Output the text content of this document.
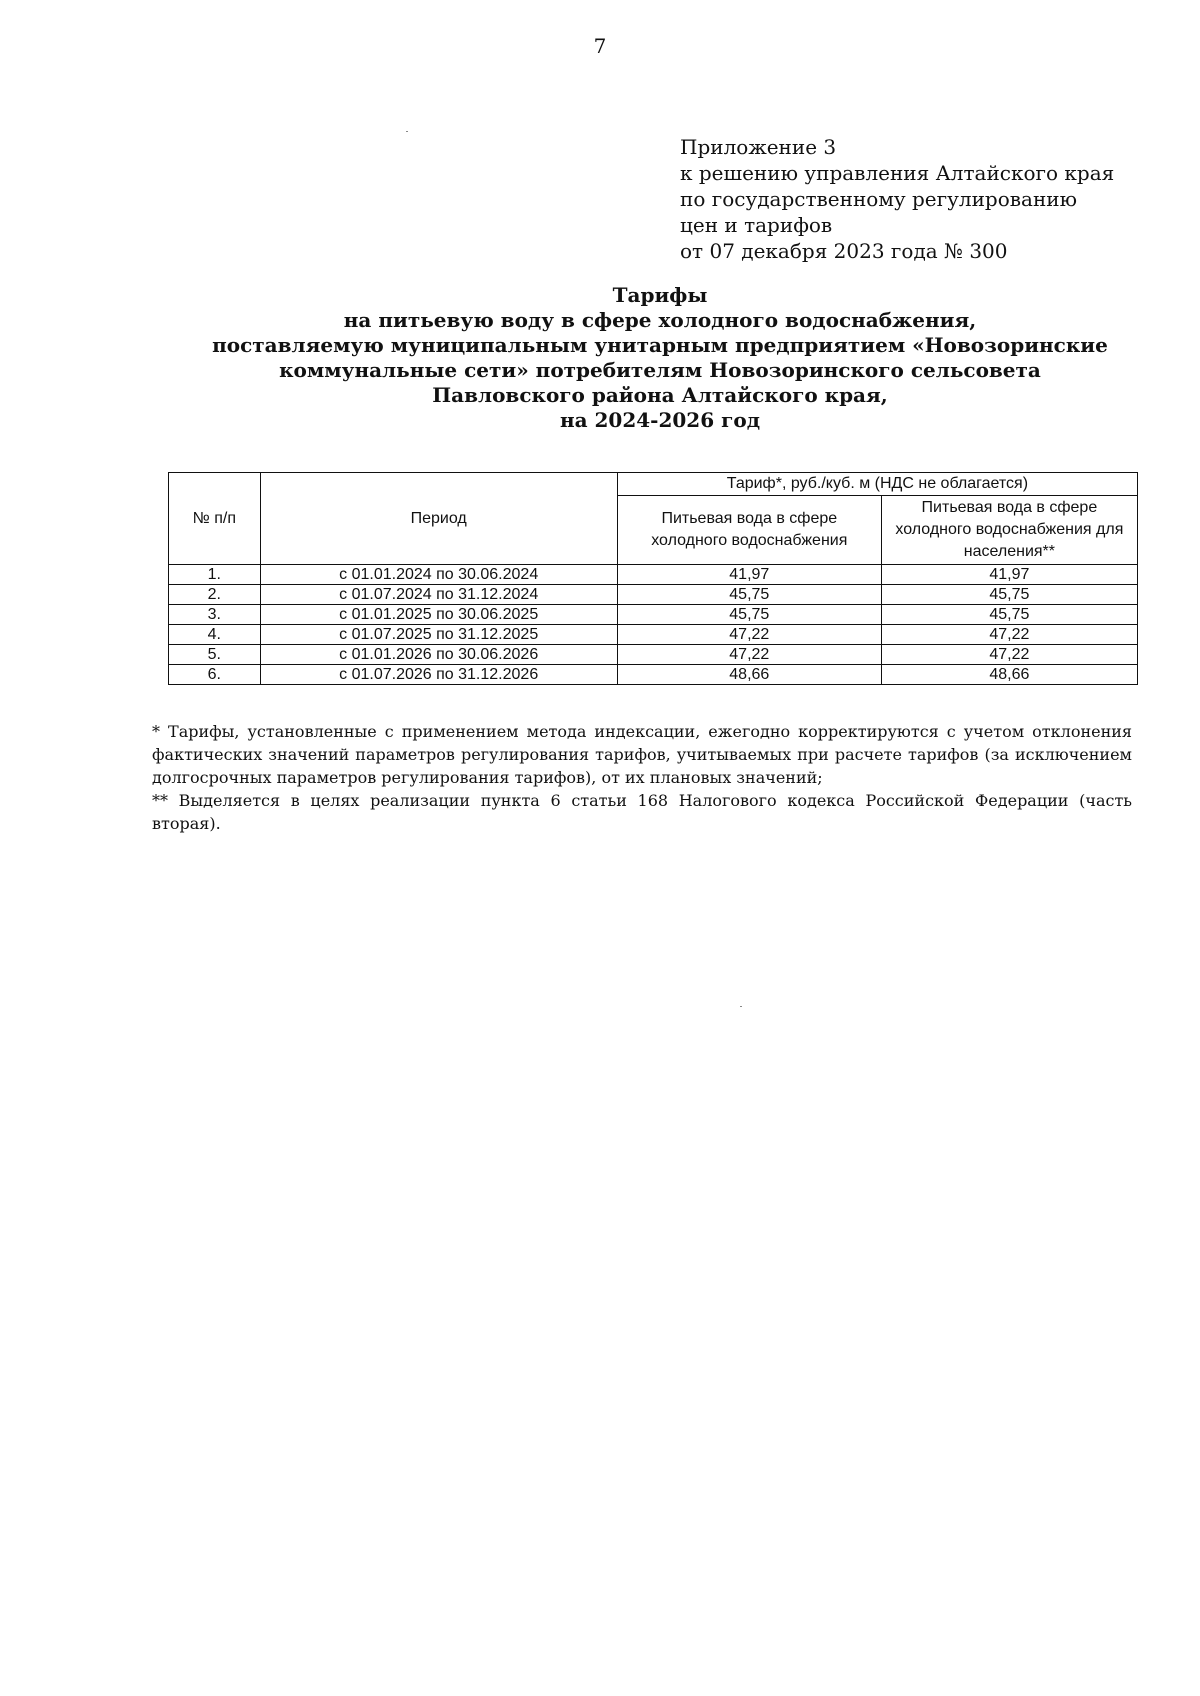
7
Приложение 3
к решению управления Алтайского края
по государственному регулированию
цен и тарифов
от 07 декабря 2023 года № 300
Тарифы
на питьевую воду в сфере холодного водоснабжения,
поставляемую муниципальным унитарным предприятием «Новозоринские
коммунальные сети» потребителям Новозоринского сельсовета
Павловского района Алтайского края,
на 2024-2026 год
№ п/п	Период	Тариф*, руб./куб. м (НДС не облагается)	
		Питьевая вода в сфере холодного водоснабжения	Питьевая вода в сфере холодного водоснабжения для населения**
1.	с 01.01.2024 по 30.06.2024	41,97	41,97
2.	с 01.07.2024 по 31.12.2024	45,75	45,75
3.	с 01.01.2025 по 30.06.2025	45,75	45,75
4.	с 01.07.2025 по 31.12.2025	47,22	47,22
5.	с 01.01.2026 по 30.06.2026	47,22	47,22
6.	с 01.07.2026 по 31.12.2026	48,66	48,66

* Тарифы, установленные с применением метода индексации, ежегодно корректируются с учетом отклонения фактических значений параметров регулирования тарифов, учитываемых при расчете тарифов (за исключением долгосрочных параметров регулирования тарифов), от их плановых значений;

** Выделяется в целях реализации пункта 6 статьи 168 Налогового кодекса Российской Федерации (часть вторая).
